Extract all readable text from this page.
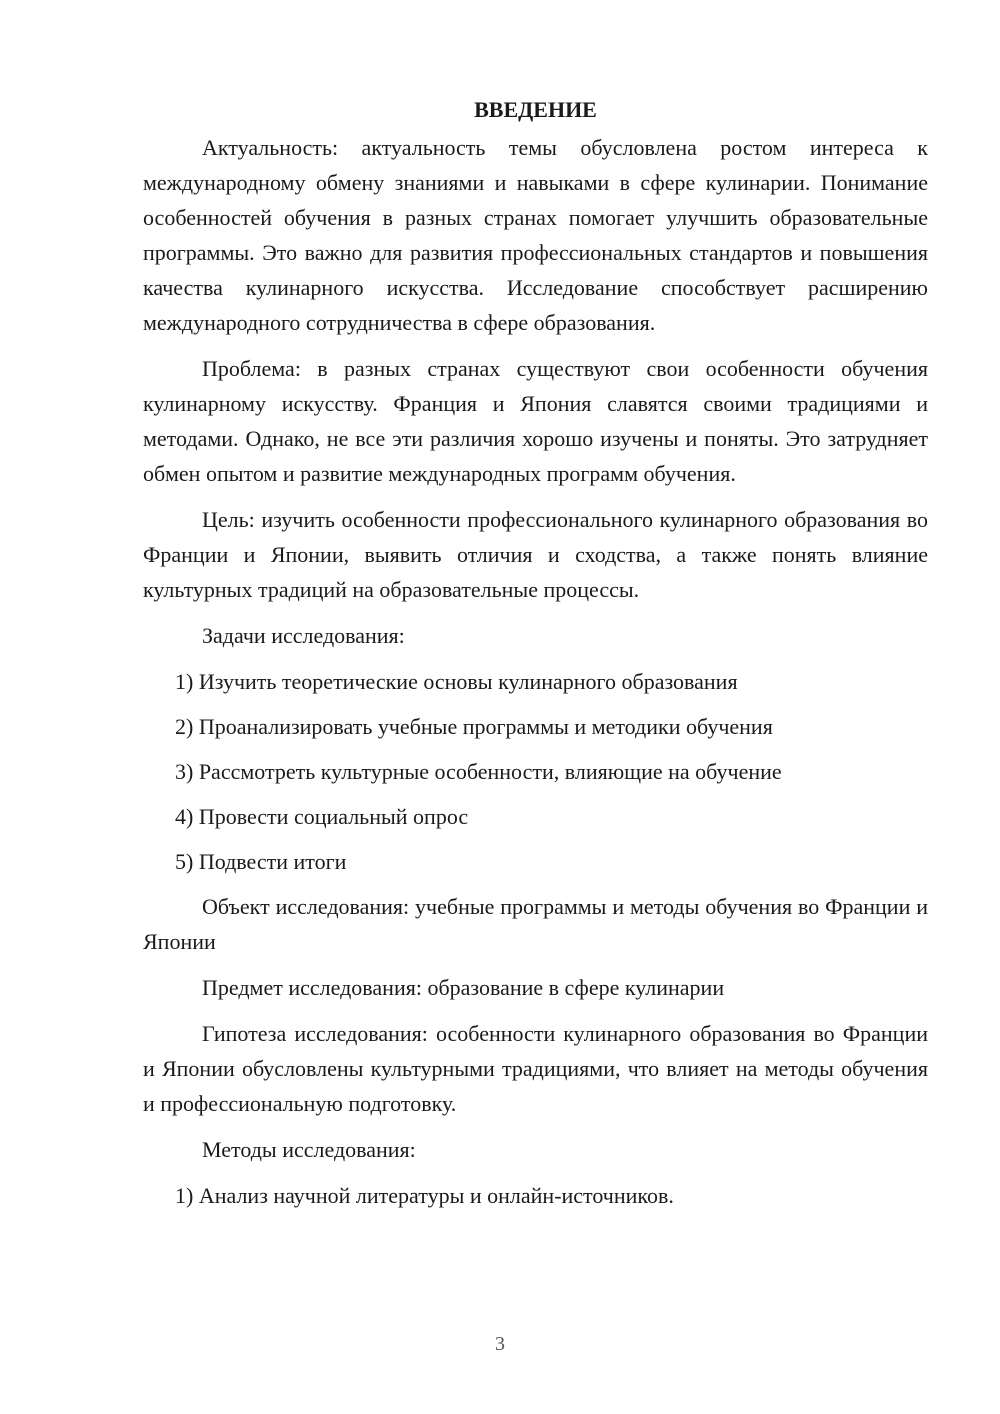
ВВЕДЕНИЕ

Актуальность: актуальность темы обусловлена ростом интереса к международному обмену знаниями и навыками в сфере кулинарии. Понимание особенностей обучения в разных странах помогает улучшить образовательные программы. Это важно для развития профессиональных стандартов и повышения качества кулинарного искусства. Исследование способствует расширению международного сотрудничества в сфере образования.

Проблема: в разных странах существуют свои особенности обучения кулинарному искусству. Франция и Япония славятся своими традициями и методами. Однако, не все эти различия хорошо изучены и поняты. Это затрудняет обмен опытом и развитие международных программ обучения.

Цель: изучить особенности профессионального кулинарного образования во Франции и Японии, выявить отличия и сходства, а также понять влияние культурных традиций на образовательные процессы.

Задачи исследования:

1) Изучить теоретические основы кулинарного образования
2) Проанализировать учебные программы и методики обучения
3) Рассмотреть культурные особенности, влияющие на обучение
4) Провести социальный опрос
5) Подвести итоги

Объект исследования: учебные программы и методы обучения во Франции и Японии

Предмет исследования: образование в сфере кулинарии

Гипотеза исследования: особенности кулинарного образования во Франции и Японии обусловлены культурными традициями, что влияет на методы обучения и профессиональную подготовку.

Методы исследования:

1) Анализ научной литературы и онлайн-источников.
3
